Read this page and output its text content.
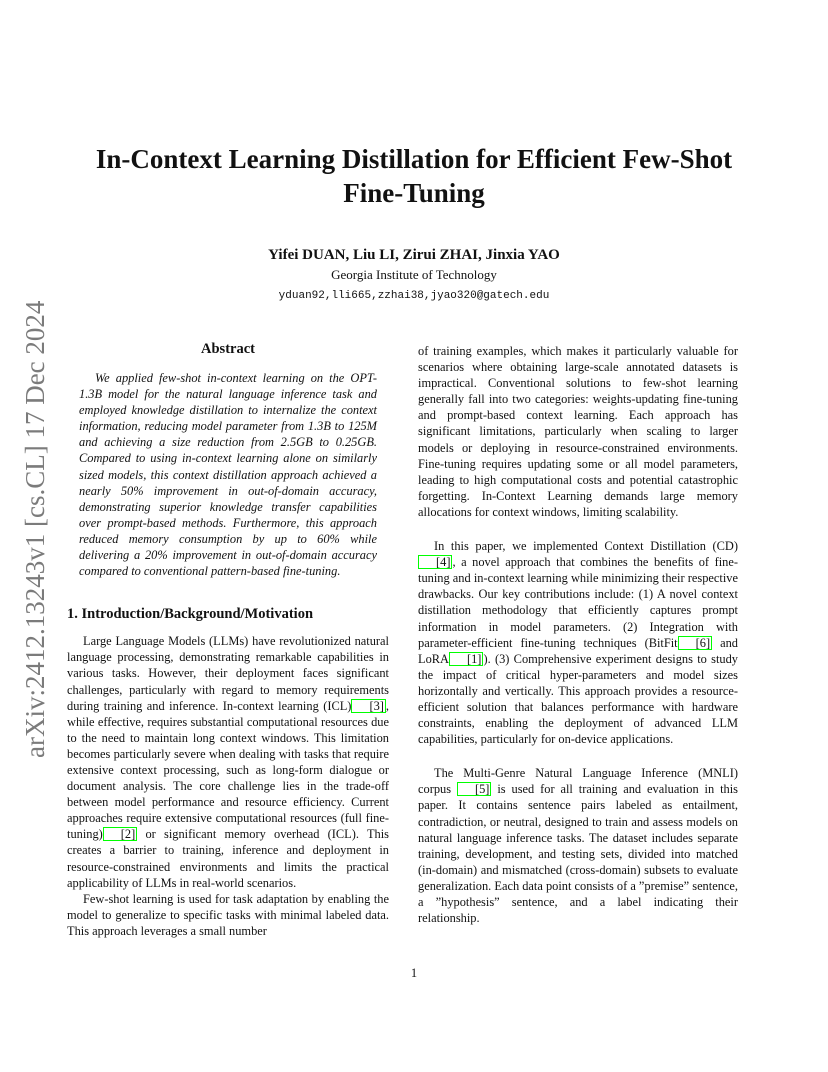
arXiv:2412.13243v1 [cs.CL] 17 Dec 2024
In-Context Learning Distillation for Efficient Few-Shot
Fine-Tuning
Yifei DUAN, Liu LI, Zirui ZHAI, Jinxia YAO
Georgia Institute of Technology
yduan92,lli665,zzhai38,jyao320@gatech.edu
Abstract

We applied few-shot in-context learning on the OPT-1.3B model for the natural language inference task and employed knowledge distillation to internalize the context information, reducing model parameter from 1.3B to 125M and achieving a size reduction from 2.5GB to 0.25GB. Compared to using in-context learning alone on similarly sized models, this context distillation approach achieved a nearly 50% improvement in out-of-domain accuracy, demonstrating superior knowledge transfer capabilities over prompt-based methods. Furthermore, this approach reduced memory consumption by up to 60% while delivering a 20% improvement in out-of-domain accuracy compared to conventional pattern-based fine-tuning.

1. Introduction/Background/Motivation

Large Language Models (LLMs) have revolutionized natural language processing, demonstrating remarkable capabilities in various tasks. However, their deployment faces significant challenges, particularly with regard to memory requirements during training and inference. In-context learning (ICL) [3] , while effective, requires substantial computational resources due to the need to maintain long context windows. This limitation becomes particularly severe when dealing with tasks that require extensive context processing, such as long-form dialogue or document analysis. The core challenge lies in the trade-off between model performance and resource efficiency. Current approaches require extensive computational resources (full fine-tuning) [2] or significant memory overhead (ICL). This creates a barrier to training, inference and deployment in resource-constrained environments and limits the practical applicability of LLMs in real-world scenarios.

Few-shot learning is used for task adaptation by enabling the model to generalize to specific tasks with minimal labeled data. This approach leverages a small number

of training examples, which makes it particularly valuable for scenarios where obtaining large-scale annotated datasets is impractical. Conventional solutions to few-shot learning generally fall into two categories: weights-updating fine-tuning and prompt-based context learning. Each approach has significant limitations, particularly when scaling to larger models or deploying in resource-constrained environments. Fine-tuning requires updating some or all model parameters, leading to high computational costs and potential catastrophic forgetting. In-Context Learning demands large memory allocations for context windows, limiting scalability.

In this paper, we implemented Context Distillation (CD)[4] , a novel approach that combines the benefits of fine-tuning and in-context learning while minimizing their respective drawbacks. Our key contributions include: (1) A novel context distillation methodology that efficiently captures prompt information in model parameters. (2) Integration with parameter-efficient fine-tuning techniques (BitFit [6] and LoRA [1] ). (3) Comprehensive experiment designs to study the impact of critical hyper-parameters and model sizes horizontally and vertically. This approach provides a resource-efficient solution that balances performance with hardware constraints, enabling the deployment of advanced LLM capabilities, particularly for on-device applications.

The Multi-Genre Natural Language Inference (MNLI) corpus [5] is used for all training and evaluation in this paper. It contains sentence pairs labeled as entailment, contradiction, or neutral, designed to train and assess models on natural language inference tasks. The dataset includes separate training, development, and testing sets, divided into matched (in-domain) and mismatched (cross-domain) subsets to evaluate generalization. Each data point consists of a ”premise” sentence, a ”hypothesis” sentence, and a label indicating their relationship.

1
